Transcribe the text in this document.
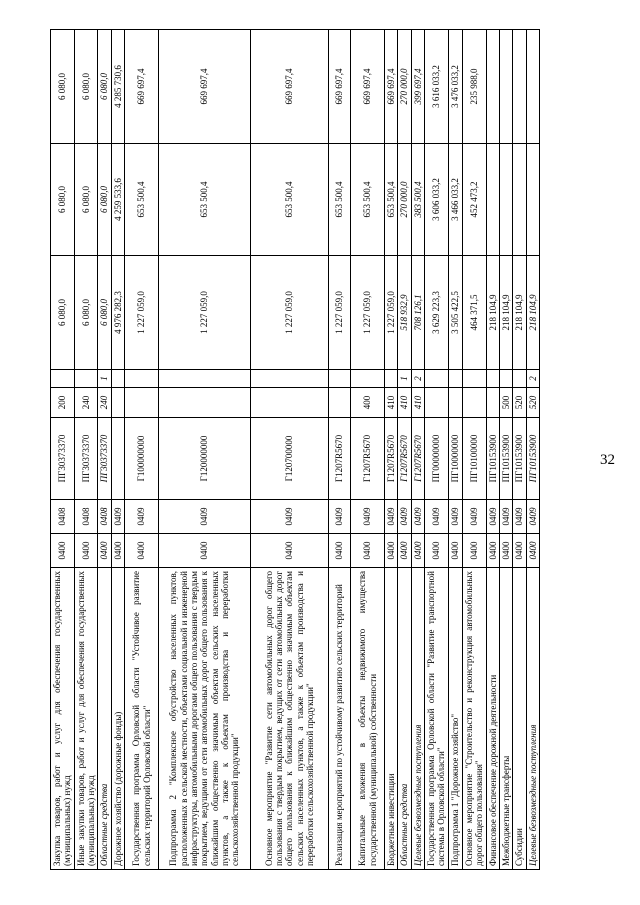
32
Закупка товаров, работ и услуг для обеспечения государственных (муниципальных) нужд	0400	0408	ПГ30373370	200		6 080,0	6 080,0	6 080,0
Иные закупки товаров, работ и услуг для обеспечения государственных (муниципальных) нужд	0400	0408	ПГ30373370	240		6 080,0	6 080,0	6 080,0
Областные средства	0400	0408	ПГ30373370	240	1	6 080,0	6 080,0	6 080,0
Дорожное хозяйство (дорожные фонды)	0400	0409				4 976 282,3	4 259 533,6	4 285 730,6
Государственная программа Орловской области "Устойчивое развитие сельских территорий Орловской области"	0400	0409	Г100000000			1 227 059,0	653 500,4	669 697,4
Подпрограмма 2 "Комплексное обустройство населенных пунктов, расположенных в сельской местности, объектами социальной и инженерной инфраструктуры, автомобильными дорогами общего пользования с твердым покрытием, ведущими от сети автомобильных дорог общего пользования к ближайшим общественно значимым объектам сельских населенных пунктов, а также к объектам производства и переработки сельскохозяйственной продукции"	0400	0409	Г120000000			1 227 059,0	653 500,4	669 697,4
Основное мероприятие "Развитие сети автомобильных дорог общего пользования с твердым покрытием, ведущих от сети автомобильных дорог общего пользования к ближайшим общественно значимым объектам сельских населенных пунктов, а также к объектам производства и переработки сельскохозяйственной продукции"	0400	0409	Г120700000			1 227 059,0	653 500,4	669 697,4
Реализация мероприятий по устойчивому развитию сельских территорий	0400	0409	Г1207R5670			1 227 059,0	653 500,4	669 697,4
Капитальные вложения в объекты недвижимого имущества государственной (муниципальной) собственности	0400	0409	Г1207R5670	400		1 227 059,0	653 500,4	669 697,4
Бюджетные инвестиции	0400	0409	Г1207R5670	410		1 227 059,0	653 500,4	669 697,4
Областные средства	0400	0409	Г1207R5670	410	1	518 932,9	270 000,0	270 000,0
Целевые безвозмездные поступления	0400	0409	Г1207R5670	410	2	708 126,1	383 500,4	399 697,4
Государственная программа Орловской области "Развитие транспортной системы в Орловской области"	0400	0409	ПГ00000000			3 629 223,3	3 606 033,2	3 616 033,2
Подпрограмма 1 "Дорожное хозяйство"	0400	0409	ПГ10000000			3 505 422,5	3 466 033,2	3 476 033,2
Основное мероприятие "Строительство и реконструкция автомобильных дорог общего пользования"	0400	0409	ПГ10100000			464 371,5	452 473,2	235 988,0
Финансовое обеспечение дорожной деятельности	0400	0409	ПГ10153900			218 104,9		
Межбюджетные трансферты	0400	0409	ПГ10153900	500		218 104,9		
Субсидии	0400	0409	ПГ10153900	520		218 104,9		
Целевые безвозмездные поступления	0400	0409	ПГ10153900	520	2	218 104,9		
